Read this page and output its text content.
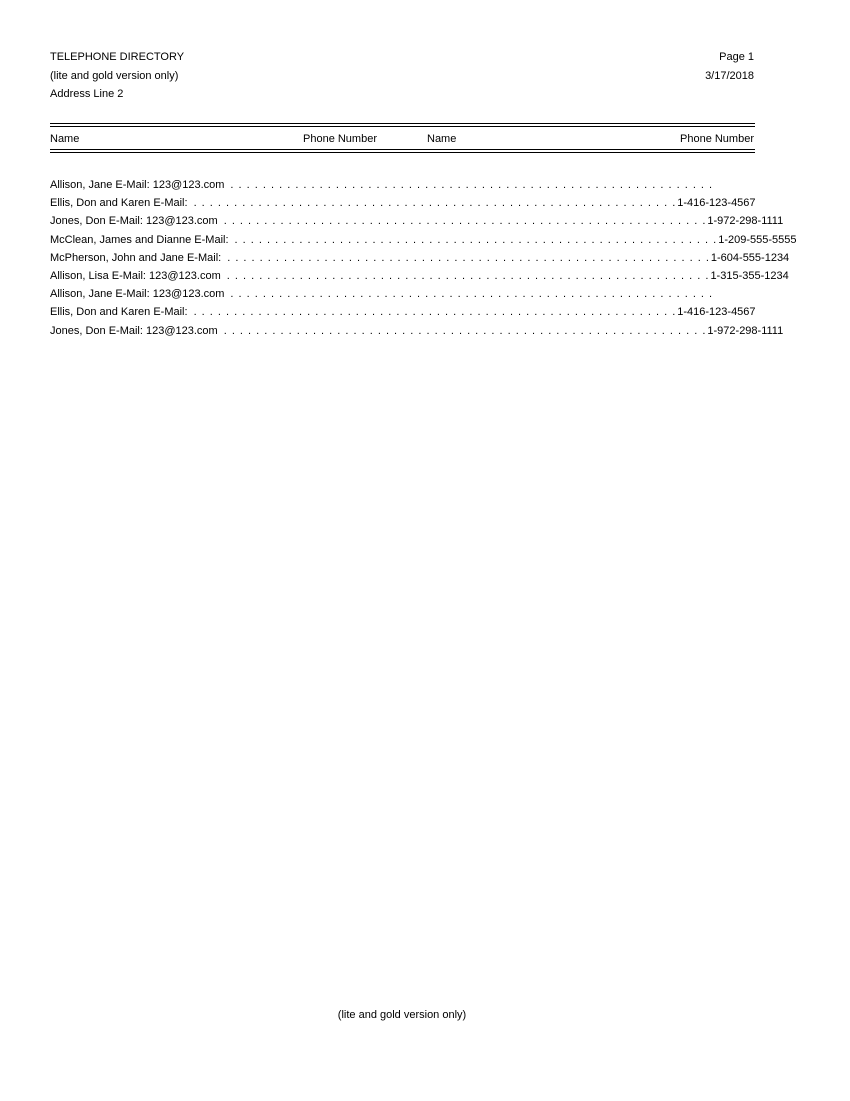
TELEPHONE DIRECTORY
(lite and gold version only)
Address Line 2
Page 1
3/17/2018
Name	Phone Number	Name	Phone Number
Allison, Jane E-Mail: 123@123.com . . . . . . . . . . . . . . . . . . . . . . . . . . . . . . . . . . . . . . . . . . . . . . . . . . . . . . . . . . . .
Ellis, Don and Karen E-Mail: . . . . . . . . . . . . . . . . . . . . . . . . . . . . . . . . . . . . . . . . . . . . . . . . . . . . . . . . . . . . 1-416-123-4567
Jones, Don E-Mail: 123@123.com . . . . . . . . . . . . . . . . . . . . . . . . . . . . . . . . . . . . . . . . . . . . . . . . . . . . . . . . . . . . 1-972-298-1111
McClean, James and Dianne E-Mail: . . . . . . . . . . . . . . . . . . . . . . . . . . . . . . . . . . . . . . . . . . . . . . . . . . . . . . . . . . . . 1-209-555-5555
McPherson, John and Jane E-Mail: . . . . . . . . . . . . . . . . . . . . . . . . . . . . . . . . . . . . . . . . . . . . . . . . . . . . . . . . . . . . 1-604-555-1234
Allison, Lisa E-Mail: 123@123.com . . . . . . . . . . . . . . . . . . . . . . . . . . . . . . . . . . . . . . . . . . . . . . . . . . . . . . . . . . . . 1-315-355-1234
Allison, Jane E-Mail: 123@123.com . . . . . . . . . . . . . . . . . . . . . . . . . . . . . . . . . . . . . . . . . . . . . . . . . . . . . . . . . . . .
Ellis, Don and Karen E-Mail: . . . . . . . . . . . . . . . . . . . . . . . . . . . . . . . . . . . . . . . . . . . . . . . . . . . . . . . . . . . . 1-416-123-4567
Jones, Don E-Mail: 123@123.com . . . . . . . . . . . . . . . . . . . . . . . . . . . . . . . . . . . . . . . . . . . . . . . . . . . . . . . . . . . . 1-972-298-1111
(lite and gold version only)
